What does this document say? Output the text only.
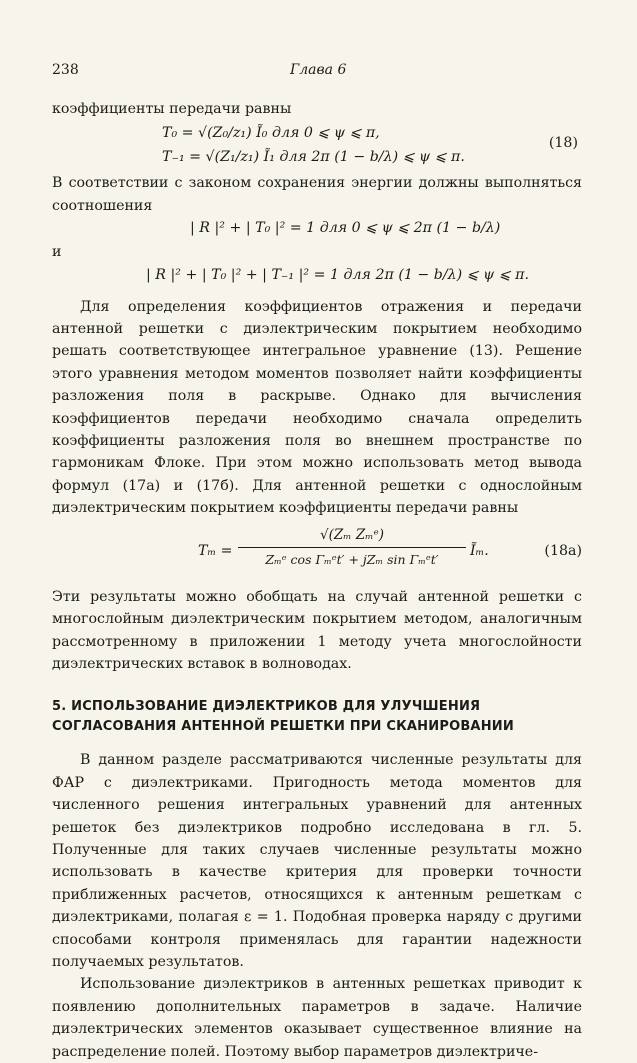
238	Глава 6

коэффициенты передачи равны

T₀ = √(Z₀/z₁) Ĩ₀ для 0 ⩽ ψ ⩽ π,
T₋₁ = √(Z₁/z₁) Ĩ₁ для 2π (1 − b/λ) ⩽ ψ ⩽ π.
(18)

В соответствии с законом сохранения энергии должны выполняться соотношения

| R |² + | T₀ |² = 1 для 0 ⩽ ψ ⩽ 2π (1 − b/λ)

и

| R |² + | T₀ |² + | T₋₁ |² = 1 для 2π (1 − b/λ) ⩽ ψ ⩽ π.

Для определения коэффициентов отражения и передачи антенной решетки с диэлектрическим покрытием необходимо решать соответствующее интегральное уравнение (13). Решение этого уравнения методом моментов позволяет найти коэффициенты разложения поля в раскрыве. Однако для вычисления коэффициентов передачи необходимо сначала определить коэффициенты разложения поля во внешнем пространстве по гармоникам Флоке. При этом можно использовать метод вывода формул (17а) и (17б). Для антенной решетки с однослойным диэлектрическим покрытием коэффициенты передачи равны

Tₘ =
√(Zₘ Zₘᵉ)
Zₘᵉ cos Γₘᵉt′ + jZₘ sin Γₘᵉt′
Ĩₘ.	(18a)

Эти результаты можно обобщать на случай антенной решетки с многослойным диэлектрическим покрытием методом, аналогичным рассмотренному в приложении 1 методу учета многослойности диэлектрических вставок в волноводах.

5. ИСПОЛЬЗОВАНИЕ ДИЭЛЕКТРИКОВ ДЛЯ УЛУЧШЕНИЯ СОГЛАСОВАНИЯ АНТЕННОЙ РЕШЕТКИ ПРИ СКАНИРОВАНИИ

В данном разделе рассматриваются численные результаты для ФАР с диэлектриками. Пригодность метода моментов для численного решения интегральных уравнений для антенных решеток без диэлектриков подробно исследована в гл. 5. Полученные для таких случаев численные результаты можно использовать в качестве критерия для проверки точности приближенных расчетов, относящихся к антенным решеткам с диэлектриками, полагая ε = 1. Подобная проверка наряду с другими способами контроля применялась для гарантии надежности получаемых результатов.

Использование диэлектриков в антенных решетках приводит к появлению дополнительных параметров в задаче. Наличие диэлектрических элементов оказывает существенное влияние на распределение полей. Поэтому выбор параметров диэлектриче-
